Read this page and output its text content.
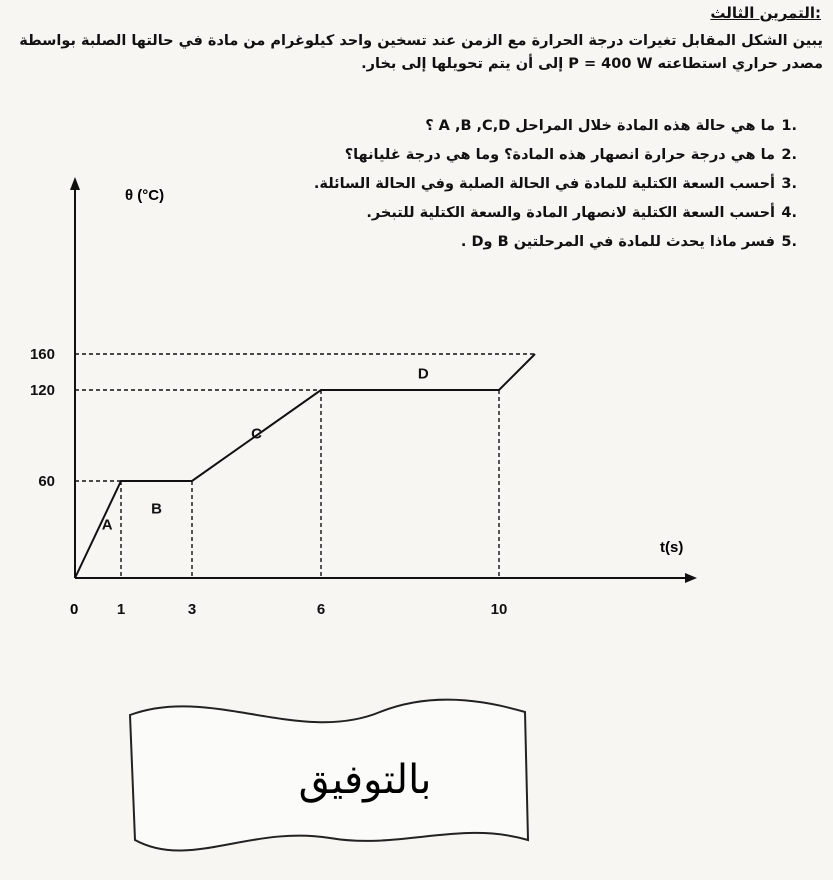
التمرين الثالث:
يبين الشكل المقابل تغيرات درجة الحرارة مع الزمن عند تسخين واحد كيلوغرام من مادة في حالتها الصلبة بواسطة
مصدر حراري استطاعته P = 400 W إلى أن يتم تحويلها إلى بخار.
.1ما هي حالة هذه المادة خلال المراحل A ,B ,C,D ؟
.2ما هي درجة حرارة انصهار هذه المادة؟ وما هي درجة غليانها؟
.3أحسب السعة الكتلية للمادة في الحالة الصلبة وفي الحالة السائلة.
.4أحسب السعة الكتلية لانصهار المادة والسعة الكتلية للتبخر.
.5فسر ماذا يحدث للمادة في المرحلتين B وD .
1	3	6	10
60
120
160
A
B
C
D
θ (°C)
t(s)
0
بالتوفيق
